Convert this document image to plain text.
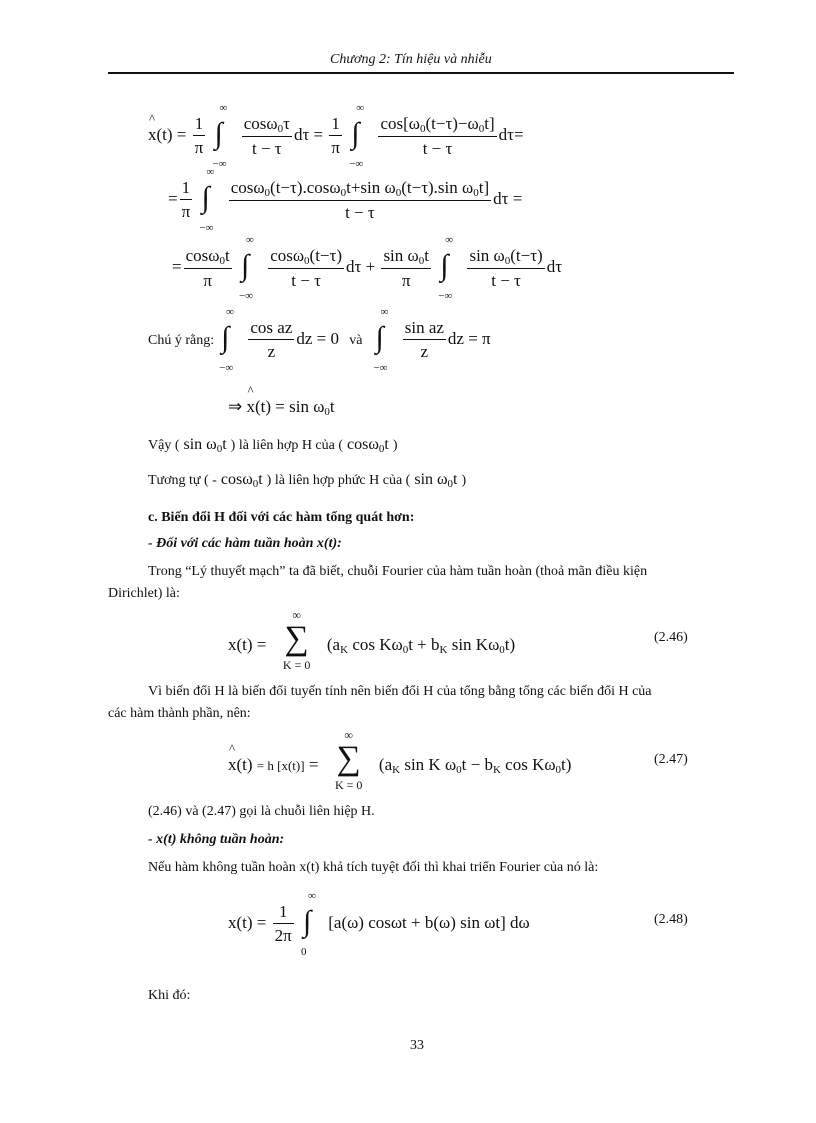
Chương 2: Tín hiệu và nhiễu
^ $x(t) = \frac{1}{\pi}$

∞
∫
−∞

$\frac{\cos\omega_0\tau}{t - \tau}$ $d\tau = \frac{1}{\pi}$

∞
∫
−∞

$\frac{\cos[\omega_0(t-\tau)-\omega_0t]}{t - \tau} d\tau=$
= $\frac{1}{\pi}$

∞
∫
−∞

$\frac{\cos\omega_0(t-\tau).\cos\omega_0t+\sin \omega_0(t-\tau).\sin \omega_0t]}{t - \tau}$ dτ =
= $\frac{\cos\omega_0t}{\pi}$

∞
∫
−∞

$\frac{\cos\omega_0(t-\tau)}{t - \tau}$ $d\tau + \frac{\sin \omega_0t}{\pi}$

∞
∫
−∞

$\frac{\sin \omega_0(t-\tau)}{t - \tau}$ dτ
Chú ý rằng:
∞
∫
−∞

$\frac{\text{cos az}}{z}$ dz = 0 và
∞
∫
−∞

$\frac{\text{sin az}}{z}$ dz = π
⇒ ^ $x(t) = \sin \omega_0t$
Vậy ( $\sin \omega_0t$ ) là liên hợp H của ( cosω$_0$t )
Tương tự ( - cosω$_0$t ) là liên hợp phức H của ( $\sin \omega_0t$ )
c. Biến đổi H đối với các hàm tổng quát hơn:
- Đối với các hàm tuần hoàn x(t):
Trong “Lý thuyết mạch” ta đã biết, chuỗi Fourier của hàm tuần hoàn (thoả mãn điều kiện
Dirichlet) là:
x(t) =
∞
∑
K = 0
($a_K$ $\cos K\omega_0t + b_K$ $\sin K\omega_0t$)	(2.46)
Vì biến đổi H là biến đổi tuyến tính nên biến đổi H của tổng bằng tổng các biến đổi H của
các hàm thành phần, nên:
^ x(t) = h [x(t)] =
∞
∑
K = 0
($a_K$ sin K $\omega_0t - b_K$ $\cos K\omega_0t$)	(2.47)
(2.46) và (2.47) gọi là chuỗi liên hiệp H.
- x(t) không tuần hoàn:
Nếu hàm không tuần hoàn x(t) khả tích tuyệt đối thì khai triển Fourier của nó là:
$x(t) = \frac{1}{2\pi}$

∞
∫
0
[a(ω) cosωt + b(ω) sin ωt] dω	(2.48)
Khi đó:
33
